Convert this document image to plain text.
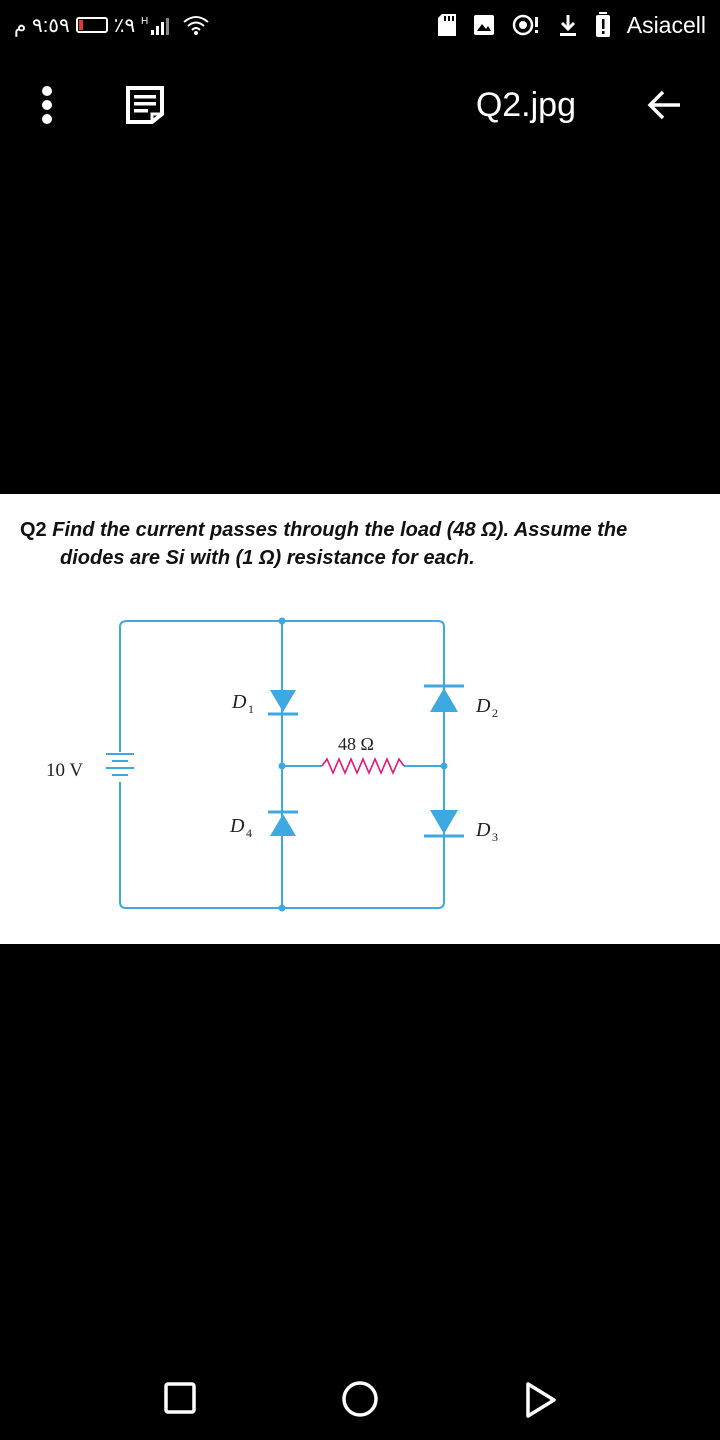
٩:٥٩ م ٪٩ H	Asiacell
Q2.jpg
Q2 Find the current passes through the load (48 Ω). Assume the
diodes are Si with (1 Ω) resistance for each.
10 V
48 Ω
D 1	D 2
D 3
D 4
